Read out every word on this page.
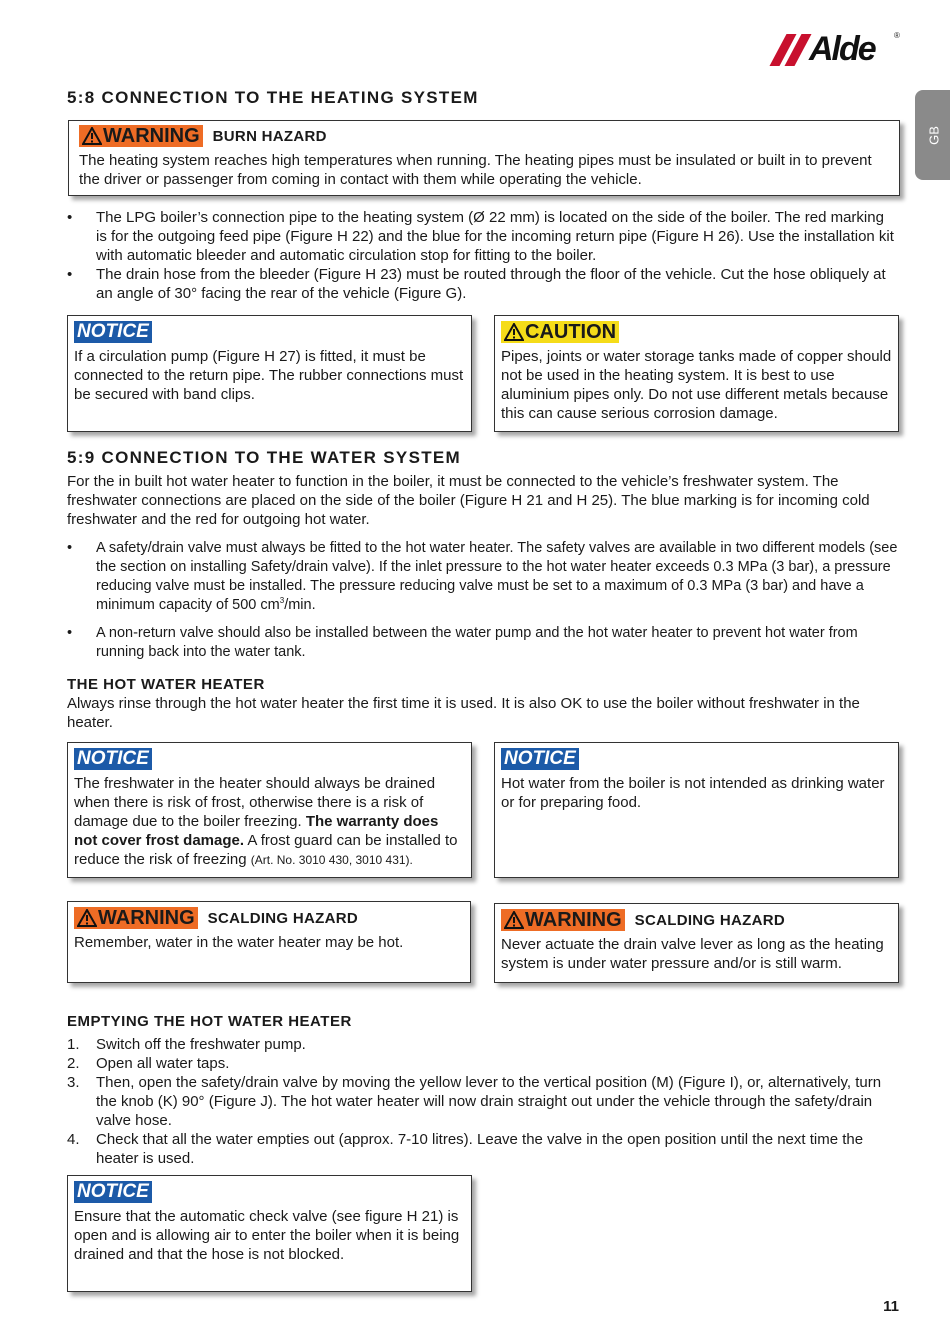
Alde ®
GB
5:8 CONNECTION TO THE HEATING SYSTEM
WARNING BURN HAZARD

The heating system reaches high temperatures when running. The heating pipes must be insulated or built in to prevent the driver or passenger from coming in contact with them while operating the vehicle.

• The LPG boiler’s connection pipe to the heating system (Ø 22 mm) is located on the side of the boiler. The red marking is for the outgoing feed pipe (Figure H 22) and the blue for the incoming return pipe (Figure H 26). Use the installation kit with automatic bleeder and automatic circulation stop for fitting to the boiler.
• The drain hose from the bleeder (Figure H 23) must be routed through the floor of the vehicle. Cut the hose obliquely at an angle of 30° facing the rear of the vehicle (Figure G).
NOTICE

If a circulation pump (Figure H 27) is fitted, it must be connected to the return pipe. The rubber connections must be secured with band clips.

CAUTION

Pipes, joints or water storage tanks made of copper should not be used in the heating system. It is best to use aluminium pipes only. Do not use different metals because this can cause serious corrosion damage.

5:9 CONNECTION TO THE WATER SYSTEM

For the in built hot water heater to function in the boiler, it must be connected to the vehicle’s freshwater system. The freshwater connections are placed on the side of the boiler (Figure H 21 and H 25). The blue marking is for incoming cold freshwater and the red for outgoing hot water.

• A safety/drain valve must always be fitted to the hot water heater. The safety valves are available in two different models (see the section on installing Safety/drain valve). If the inlet pressure to the hot water heater exceeds 0.3 MPa (3 bar), a pressure reducing valve must be installed. The pressure reducing valve must be set to a maximum of 0.3 MPa (3 bar) and have a minimum capacity of 500 $cm^3/\min$.
• A non-return valve should also be installed between the water pump and the hot water heater to prevent hot water from running back into the water tank.
THE HOT WATER HEATER

Always rinse through the hot water heater the first time it is used. It is also OK to use the boiler without freshwater in the heater.

NOTICE

The freshwater in the heater should always be drained when there is risk of frost, otherwise there is a risk of damage due to the boiler freezing. The warranty does not cover frost damage. A frost guard can be installed to reduce the risk of freezing (Art. No. 3010 430, 3010 431).

NOTICE

Hot water from the boiler is not intended as drinking water or for preparing food.

WARNING SCALDING HAZARD

Remember, water in the water heater may be hot.

WARNING SCALDING HAZARD

Never actuate the drain valve lever as long as the heating system is under water pressure and/or is still warm.

EMPTYING THE HOT WATER HEATER
1. Switch off the freshwater pump.
2. Open all water taps.
3. Then, open the safety/drain valve by moving the yellow lever to the vertical position (M) (Figure I), or, alternatively, turn the knob (K) 90° (Figure J). The hot water heater will now drain straight out under the vehicle through the safety/drain valve hose.
4. Check that all the water empties out (approx. 7-10 litres). Leave the valve in the open position until the next time the heater is used.
NOTICE

Ensure that the automatic check valve (see figure H 21) is open and is allowing air to enter the boiler when it is being drained and that the hose is not blocked.

11
